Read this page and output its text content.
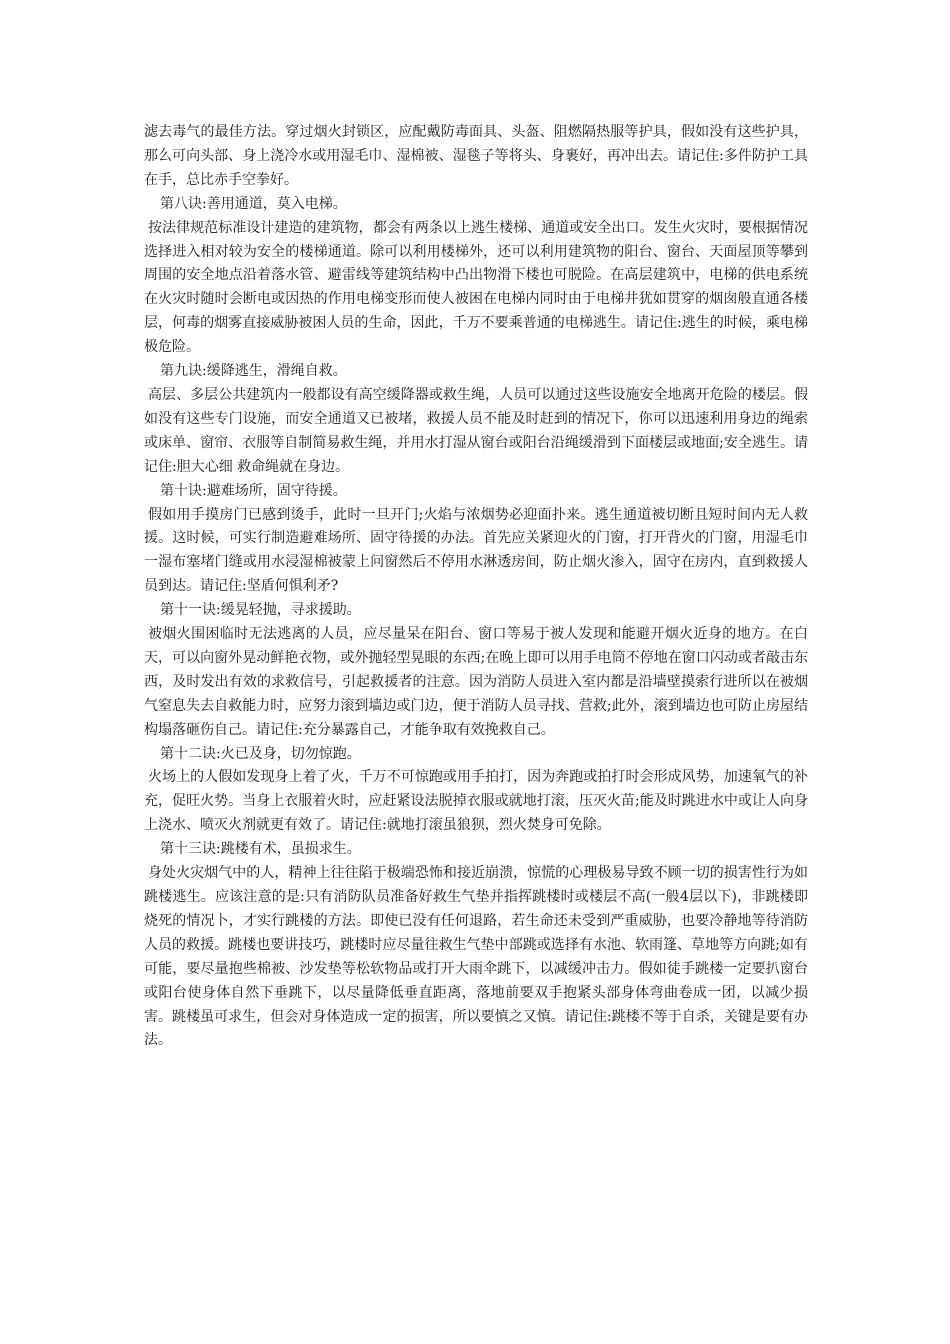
滤去毒气的最佳方法。穿过烟火封锁区，应配戴防毒面具、头盔、阻燃隔热服等护具，假如没有这些护具，那么可向头部、身上浇冷水或用湿毛巾、湿棉被、湿毯子等将头、身裹好，再冲出去。请记住:多件防护工具在手，总比赤手空拳好。

第八诀:善用通道，莫入电梯。

按法律规范标准设计建造的建筑物，都会有两条以上逃生楼梯、通道或安全出口。发生火灾时，要根据情况选择进入相对较为安全的楼梯通道。除可以利用楼梯外，还可以利用建筑物的阳台、窗台、天面屋顶等攀到周围的安全地点沿着落水管、避雷线等建筑结构中凸出物滑下楼也可脱险。在高层建筑中，电梯的供电系统在火灾时随时会断电或因热的作用电梯变形而使人被困在电梯内同时由于电梯井犹如贯穿的烟囱般直通各楼层，何毒的烟雾直接威胁被困人员的生命，因此，千万不要乘普通的电梯逃生。请记住:逃生的时候，乘电梯极危险。

第九诀:缓降逃生，滑绳自救。

高层、多层公共建筑内一般都设有高空缓降器或救生绳，人员可以通过这些设施安全地离开危险的楼层。假如没有这些专门设施，而安全通道又已被堵，救援人员不能及时赶到的情况下，你可以迅速利用身边的绳索或床单、窗帘、衣服等自制简易救生绳，并用水打湿从窗台或阳台沿绳缓滑到下面楼层或地面;安全逃生。请记住:胆大心细 救命绳就在身边。

第十诀:避难场所，固守待援。

假如用手摸房门已感到烫手，此时一旦开门;火焰与浓烟势必迎面扑来。逃生通道被切断且短时间内无人救援。这时候，可实行制造避难场所、固守待援的办法。首先应关紧迎火的门窗，打开背火的门窗，用湿毛巾一湿布塞堵门缝或用水浸湿棉被蒙上问窗然后不停用水淋透房间，防止烟火渗入，固守在房内，直到救援人员到达。请记住:坚盾何惧利矛?

第十一诀:缓晃轻抛，寻求援助。

被烟火围困临时无法逃离的人员，应尽量呆在阳台、窗口等易于被人发现和能避开烟火近身的地方。在白天，可以向窗外晃动鲜艳衣物，或外抛轻型晃眼的东西;在晚上即可以用手电筒不停地在窗口闪动或者敲击东西，及时发出有效的求救信号，引起救援者的注意。因为消防人员进入室内都是沿墙壁摸索行进所以在被烟气窒息失去自救能力时，应努力滚到墙边或门边，便于消防人员寻找、营救;此外，滚到墙边也可防止房屋结构塌落砸伤自己。请记住:充分暴露自己，才能争取有效挽救自己。

第十二诀:火已及身，切勿惊跑。

火场上的人假如发现身上着了火，千万不可惊跑或用手拍打，因为奔跑或拍打时会形成风势，加速氧气的补充，促旺火势。当身上衣服着火时，应赶紧设法脱掉衣服或就地打滚，压灭火苗;能及时跳进水中或让人向身上浇水、喷灭火剂就更有效了。请记住:就地打滚虽狼狈，烈火焚身可免除。

第十三诀:跳楼有术，虽损求生。

身处火灾烟气中的人，精神上往往陷于极端恐怖和接近崩溃，惊慌的心理极易导致不顾一切的损害性行为如跳楼逃生。应该注意的是:只有消防队员准备好救生气垫并指挥跳楼时或楼层不高(一般4层以下)，非跳楼即烧死的情况卜，才实行跳楼的方法。即使已没有任何退路，若生命还未受到严重威胁，也要冷静地等待消防人员的救援。跳楼也要讲技巧，跳楼时应尽量往救生气垫中部跳或选择有水池、软雨篷、草地等方向跳;如有可能，要尽量抱些棉被、沙发垫等松软物品或打开大雨伞跳下，以减缓冲击力。假如徒手跳楼一定要扒窗台或阳台使身体自然下垂跳下，以尽量降低垂直距离，落地前要双手抱紧头部身体弯曲卷成一团，以减少损害。跳楼虽可求生，但会对身体造成一定的损害，所以要慎之又慎。请记住:跳楼不等于自杀，关键是要有办法。
